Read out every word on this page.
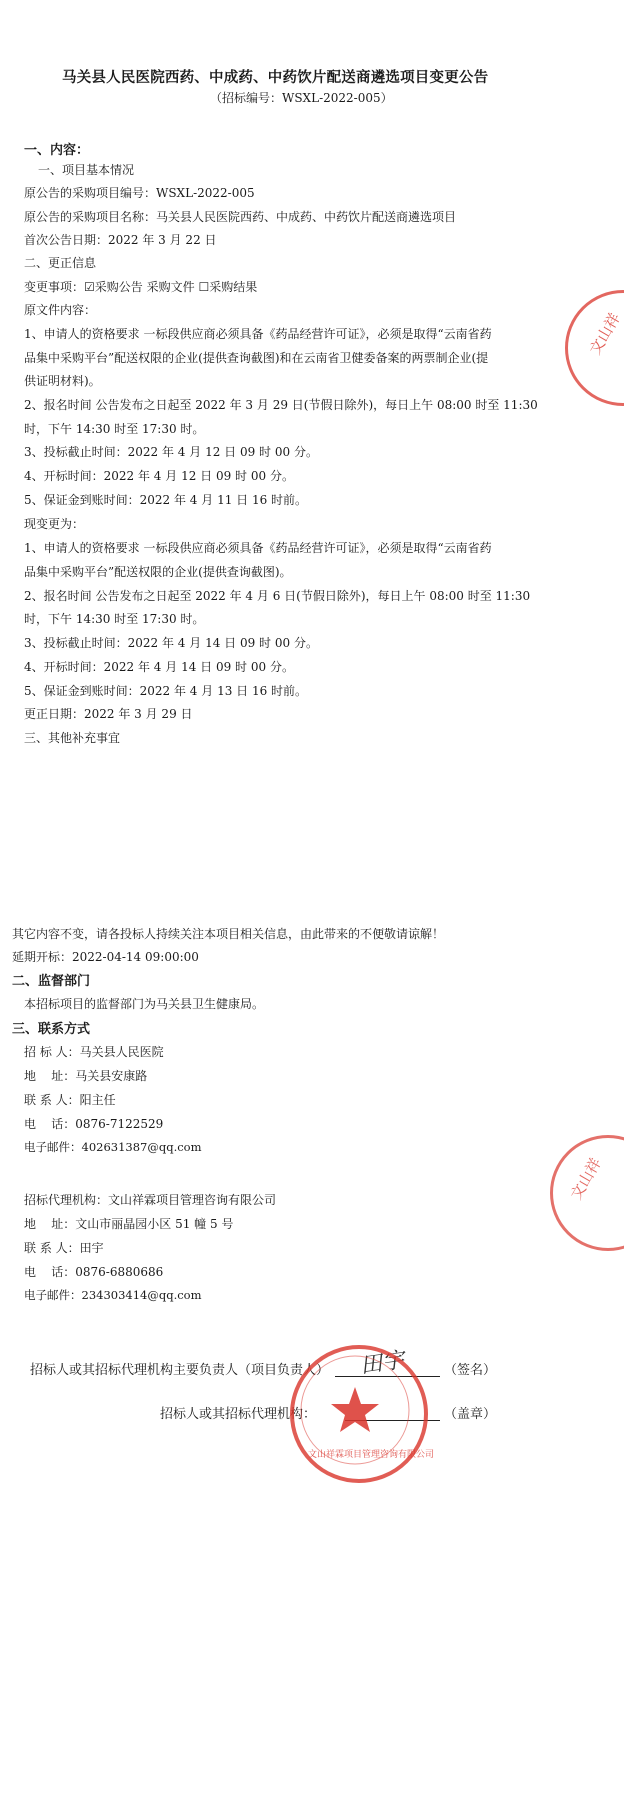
马关县人民医院西药、中成药、中药饮片配送商遴选项目变更公告
（招标编号：WSXL-2022-005）
一、内容：
一、项目基本情况
原公告的采购项目编号：WSXL-2022-005
原公告的采购项目名称：马关县人民医院西药、中成药、中药饮片配送商遴选项目
首次公告日期：2022 年 3 月 22 日
二、更正信息
变更事项：☑采购公告 采购文件 ☐采购结果
原文件内容：
1、申请人的资格要求 一标段供应商必须具备《药品经营许可证》，必须是取得“云南省药
品集中采购平台”配送权限的企业(提供查询截图)和在云南省卫健委备案的两票制企业(提
供证明材料)。
2、报名时间 公告发布之日起至 2022 年 3 月 29 日(节假日除外)，每日上午 08:00 时至 11:30
时，下午 14:30 时至 17:30 时。
3、投标截止时间：2022 年 4 月 12 日 09 时 00 分。
4、开标时间：2022 年 4 月 12 日 09 时 00 分。
5、保证金到账时间：2022 年 4 月 11 日 16 时前。
现变更为：
1、申请人的资格要求 一标段供应商必须具备《药品经营许可证》，必须是取得“云南省药
品集中采购平台”配送权限的企业(提供查询截图)。
2、报名时间 公告发布之日起至 2022 年 4 月 6 日(节假日除外)，每日上午 08:00 时至 11:30
时，下午 14:30 时至 17:30 时。
3、投标截止时间：2022 年 4 月 14 日 09 时 00 分。
4、开标时间：2022 年 4 月 14 日 09 时 00 分。
5、保证金到账时间：2022 年 4 月 13 日 16 时前。
更正日期：2022 年 3 月 29 日
三、其他补充事宜
其它内容不变，请各投标人持续关注本项目相关信息，由此带来的不便敬请谅解！
延期开标：2022-04-14 09:00:00
二、监督部门
本招标项目的监督部门为马关县卫生健康局。
三、联系方式
招 标 人：马关县人民医院
地    址：马关县安康路
联 系 人：阳主任
电    话：0876-7122529
电子邮件：402631387@qq.com
招标代理机构：文山祥霖项目管理咨询有限公司
地    址：文山市丽晶园小区 51 幢 5 号
联 系 人：田宇
电    话：0876-6880686
电子邮件：234303414@qq.com
招标人或其招标代理机构主要负责人（项目负责人） 田宇	（签名）
招标人或其招标代理机构：	（盖章）
文山祥
文山祥
文山祥霖项目管理咨询有限公司
